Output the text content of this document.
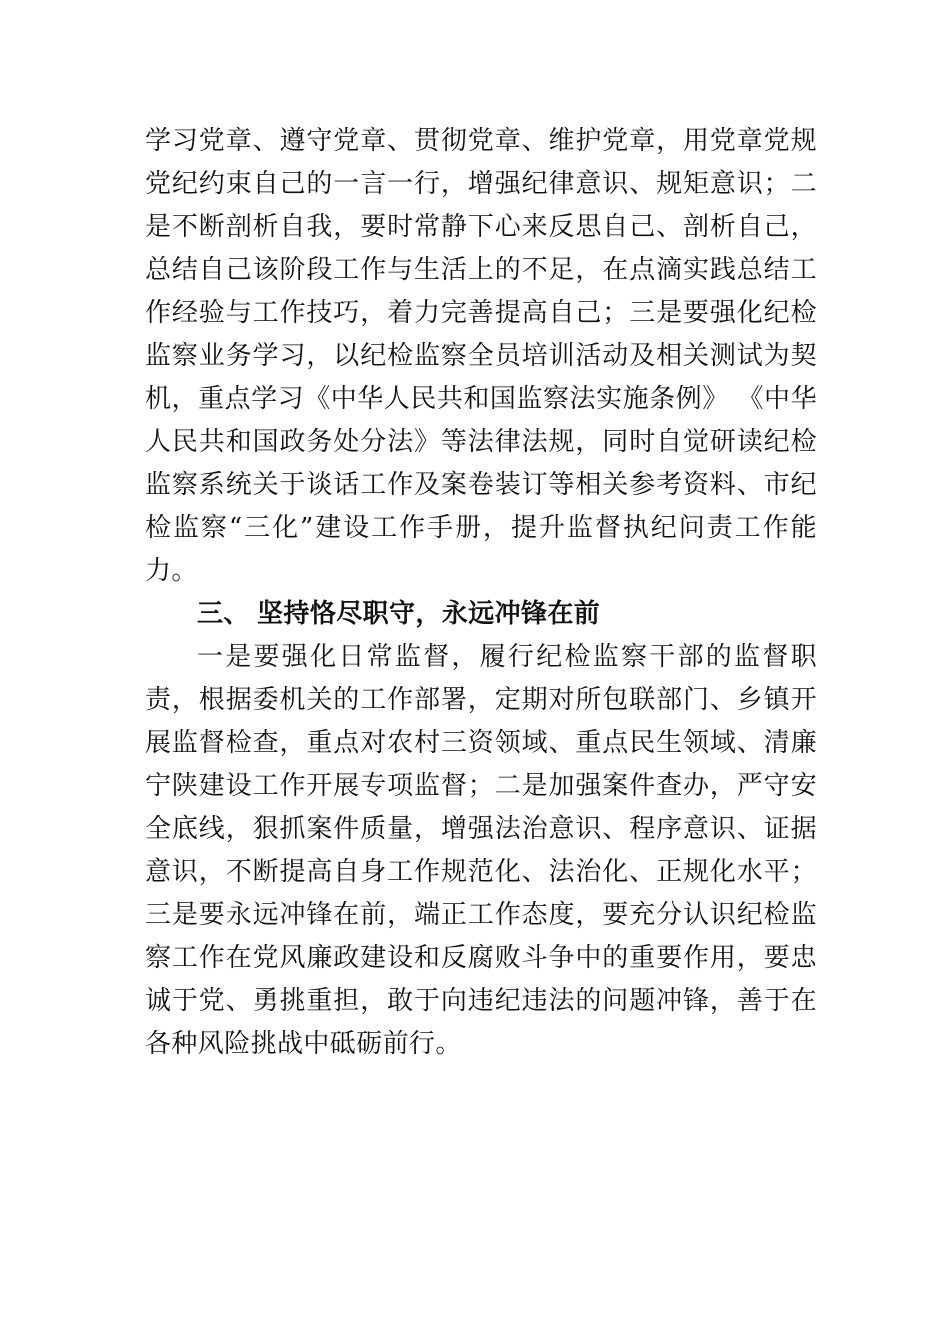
学习党章、遵守党章、贯彻党章、维护党章，用党章党规党纪约束自己的一言一行，增强纪律意识、规矩意识；二是不断剖析自我，要时常静下心来反思自己、剖析自己，总结自己该阶段工作与生活上的不足，在点滴实践总结工作经验与工作技巧，着力完善提高自己；三是要强化纪检监察业务学习，以纪检监察全员培训活动及相关测试为契机，重点学习《中华人民共和国监察法实施条例》 《中华人民共和国政务处分法》等法律法规，同时自觉研读纪检监察系统关于谈话工作及案卷装订等相关参考资料、市纪检监察“三化”建设工作手册，提升监督执纪问责工作能力。

三、 坚持恪尽职守，永远冲锋在前

一是要强化日常监督，履行纪检监察干部的监督职责，根据委机关的工作部署，定期对所包联部门、乡镇开展监督检查，重点对农村三资领域、重点民生领域、清廉宁陕建设工作开展专项监督；二是加强案件查办，严守安全底线，狠抓案件质量，增强法治意识、程序意识、证据意识，不断提高自身工作规范化、法治化、正规化水平；三是要永远冲锋在前，端正工作态度，要充分认识纪检监察工作在党风廉政建设和反腐败斗争中的重要作用，要忠诚于党、勇挑重担，敢于向违纪违法的问题冲锋，善于在各种风险挑战中砥砺前行。
